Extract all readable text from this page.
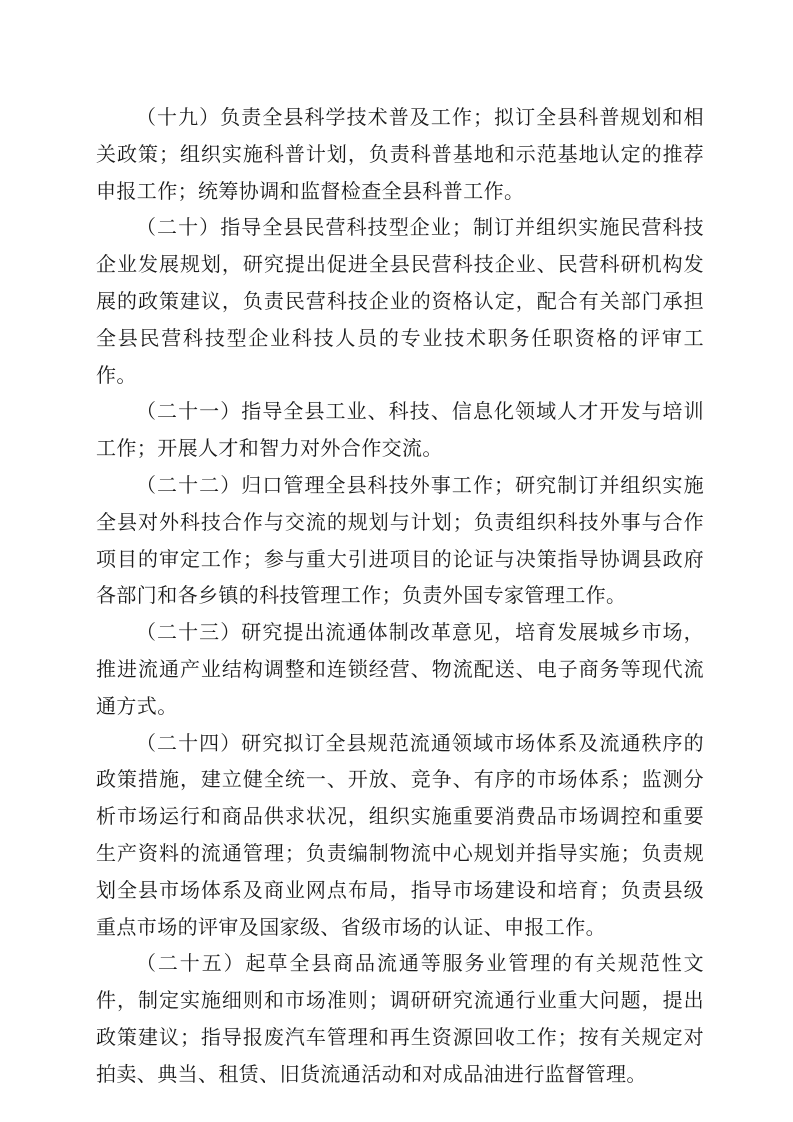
（十九）负责全县科学技术普及工作；拟订全县科普规划和相关政策；组织实施科普计划，负责科普基地和示范基地认定的推荐申报工作；统筹协调和监督检查全县科普工作。

（二十）指导全县民营科技型企业；制订并组织实施民营科技企业发展规划，研究提出促进全县民营科技企业、民营科研机构发展的政策建议，负责民营科技企业的资格认定，配合有关部门承担全县民营科技型企业科技人员的专业技术职务任职资格的评审工作。

（二十一）指导全县工业、科技、信息化领域人才开发与培训工作；开展人才和智力对外合作交流。

（二十二）归口管理全县科技外事工作；研究制订并组织实施全县对外科技合作与交流的规划与计划；负责组织科技外事与合作项目的审定工作；参与重大引进项目的论证与决策指导协调县政府各部门和各乡镇的科技管理工作；负责外国专家管理工作。

（二十三）研究提出流通体制改革意见，培育发展城乡市场，推进流通产业结构调整和连锁经营、物流配送、电子商务等现代流通方式。

（二十四）研究拟订全县规范流通领域市场体系及流通秩序的政策措施，建立健全统一、开放、竞争、有序的市场体系；监测分析市场运行和商品供求状况，组织实施重要消费品市场调控和重要生产资料的流通管理；负责编制物流中心规划并指导实施；负责规划全县市场体系及商业网点布局，指导市场建设和培育；负责县级重点市场的评审及国家级、省级市场的认证、申报工作。

（二十五）起草全县商品流通等服务业管理的有关规范性文件，制定实施细则和市场准则；调研研究流通行业重大问题，提出政策建议；指导报废汽车管理和再生资源回收工作；按有关规定对拍卖、典当、租赁、旧货流通活动和对成品油进行监督管理。
